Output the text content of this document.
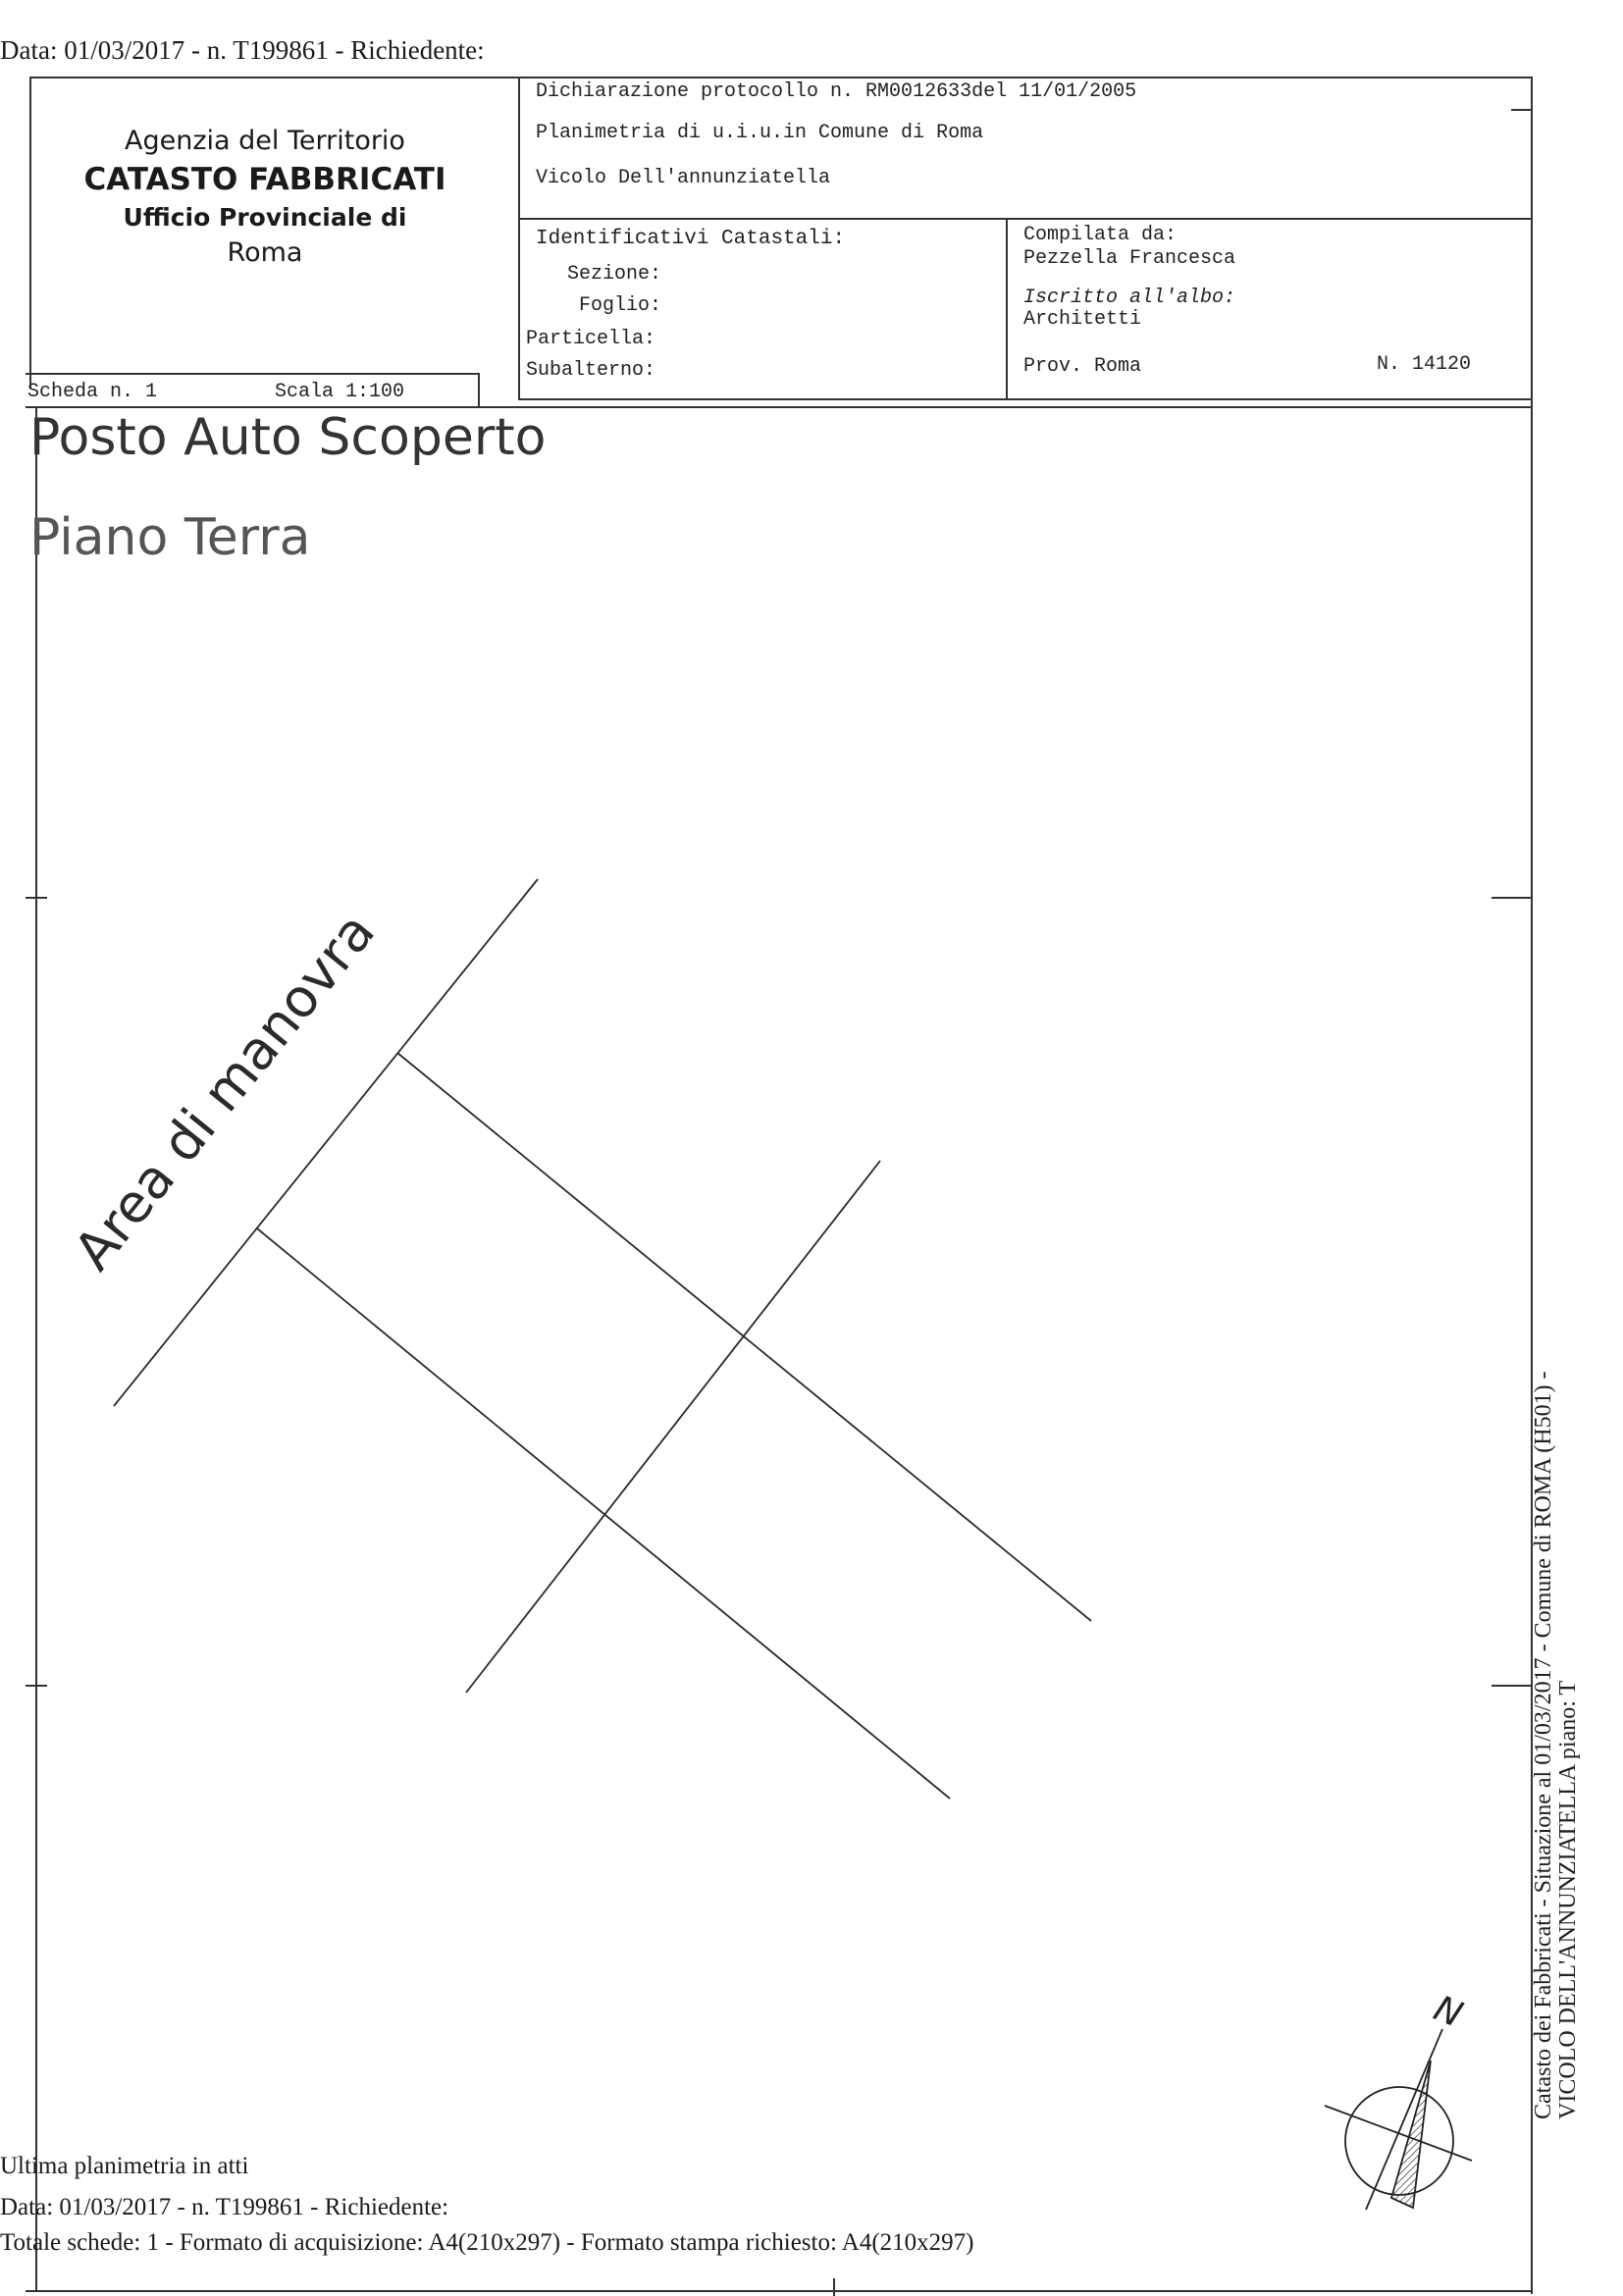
Data: 01/03/2017 - n. T199861 - Richiedente:
Agenzia del Territorio
CATASTO FABBRICATI
Ufficio Provinciale di
Roma
Dichiarazione protocollo n. RM0012633del 11/01/2005
Planimetria di u.i.u.in Comune di Roma
Vicolo Dell'annunziatella
Identificativi Catastali:
Sezione:
Foglio:
Particella:
Subalterno:
Compilata da:
Pezzella Francesca
Iscritto all'albo:
Architetti
Prov. Roma	N. 14120
Scheda n. 1	Scala 1:100
Posto Auto Scoperto
Piano Terra
Area di manovra
N	Catasto dei Fabbricati - Situazione al 01/03/2017 - Comune di ROMA (H501) - VICOLO DELL'ANNUNZIATELLA piano: T
Ultima planimetria in atti
Data: 01/03/2017 - n. T199861 - Richiedente:
Totale schede: 1 - Formato di acquisizione: A4(210x297) - Formato stampa richiesto: A4(210x297)
